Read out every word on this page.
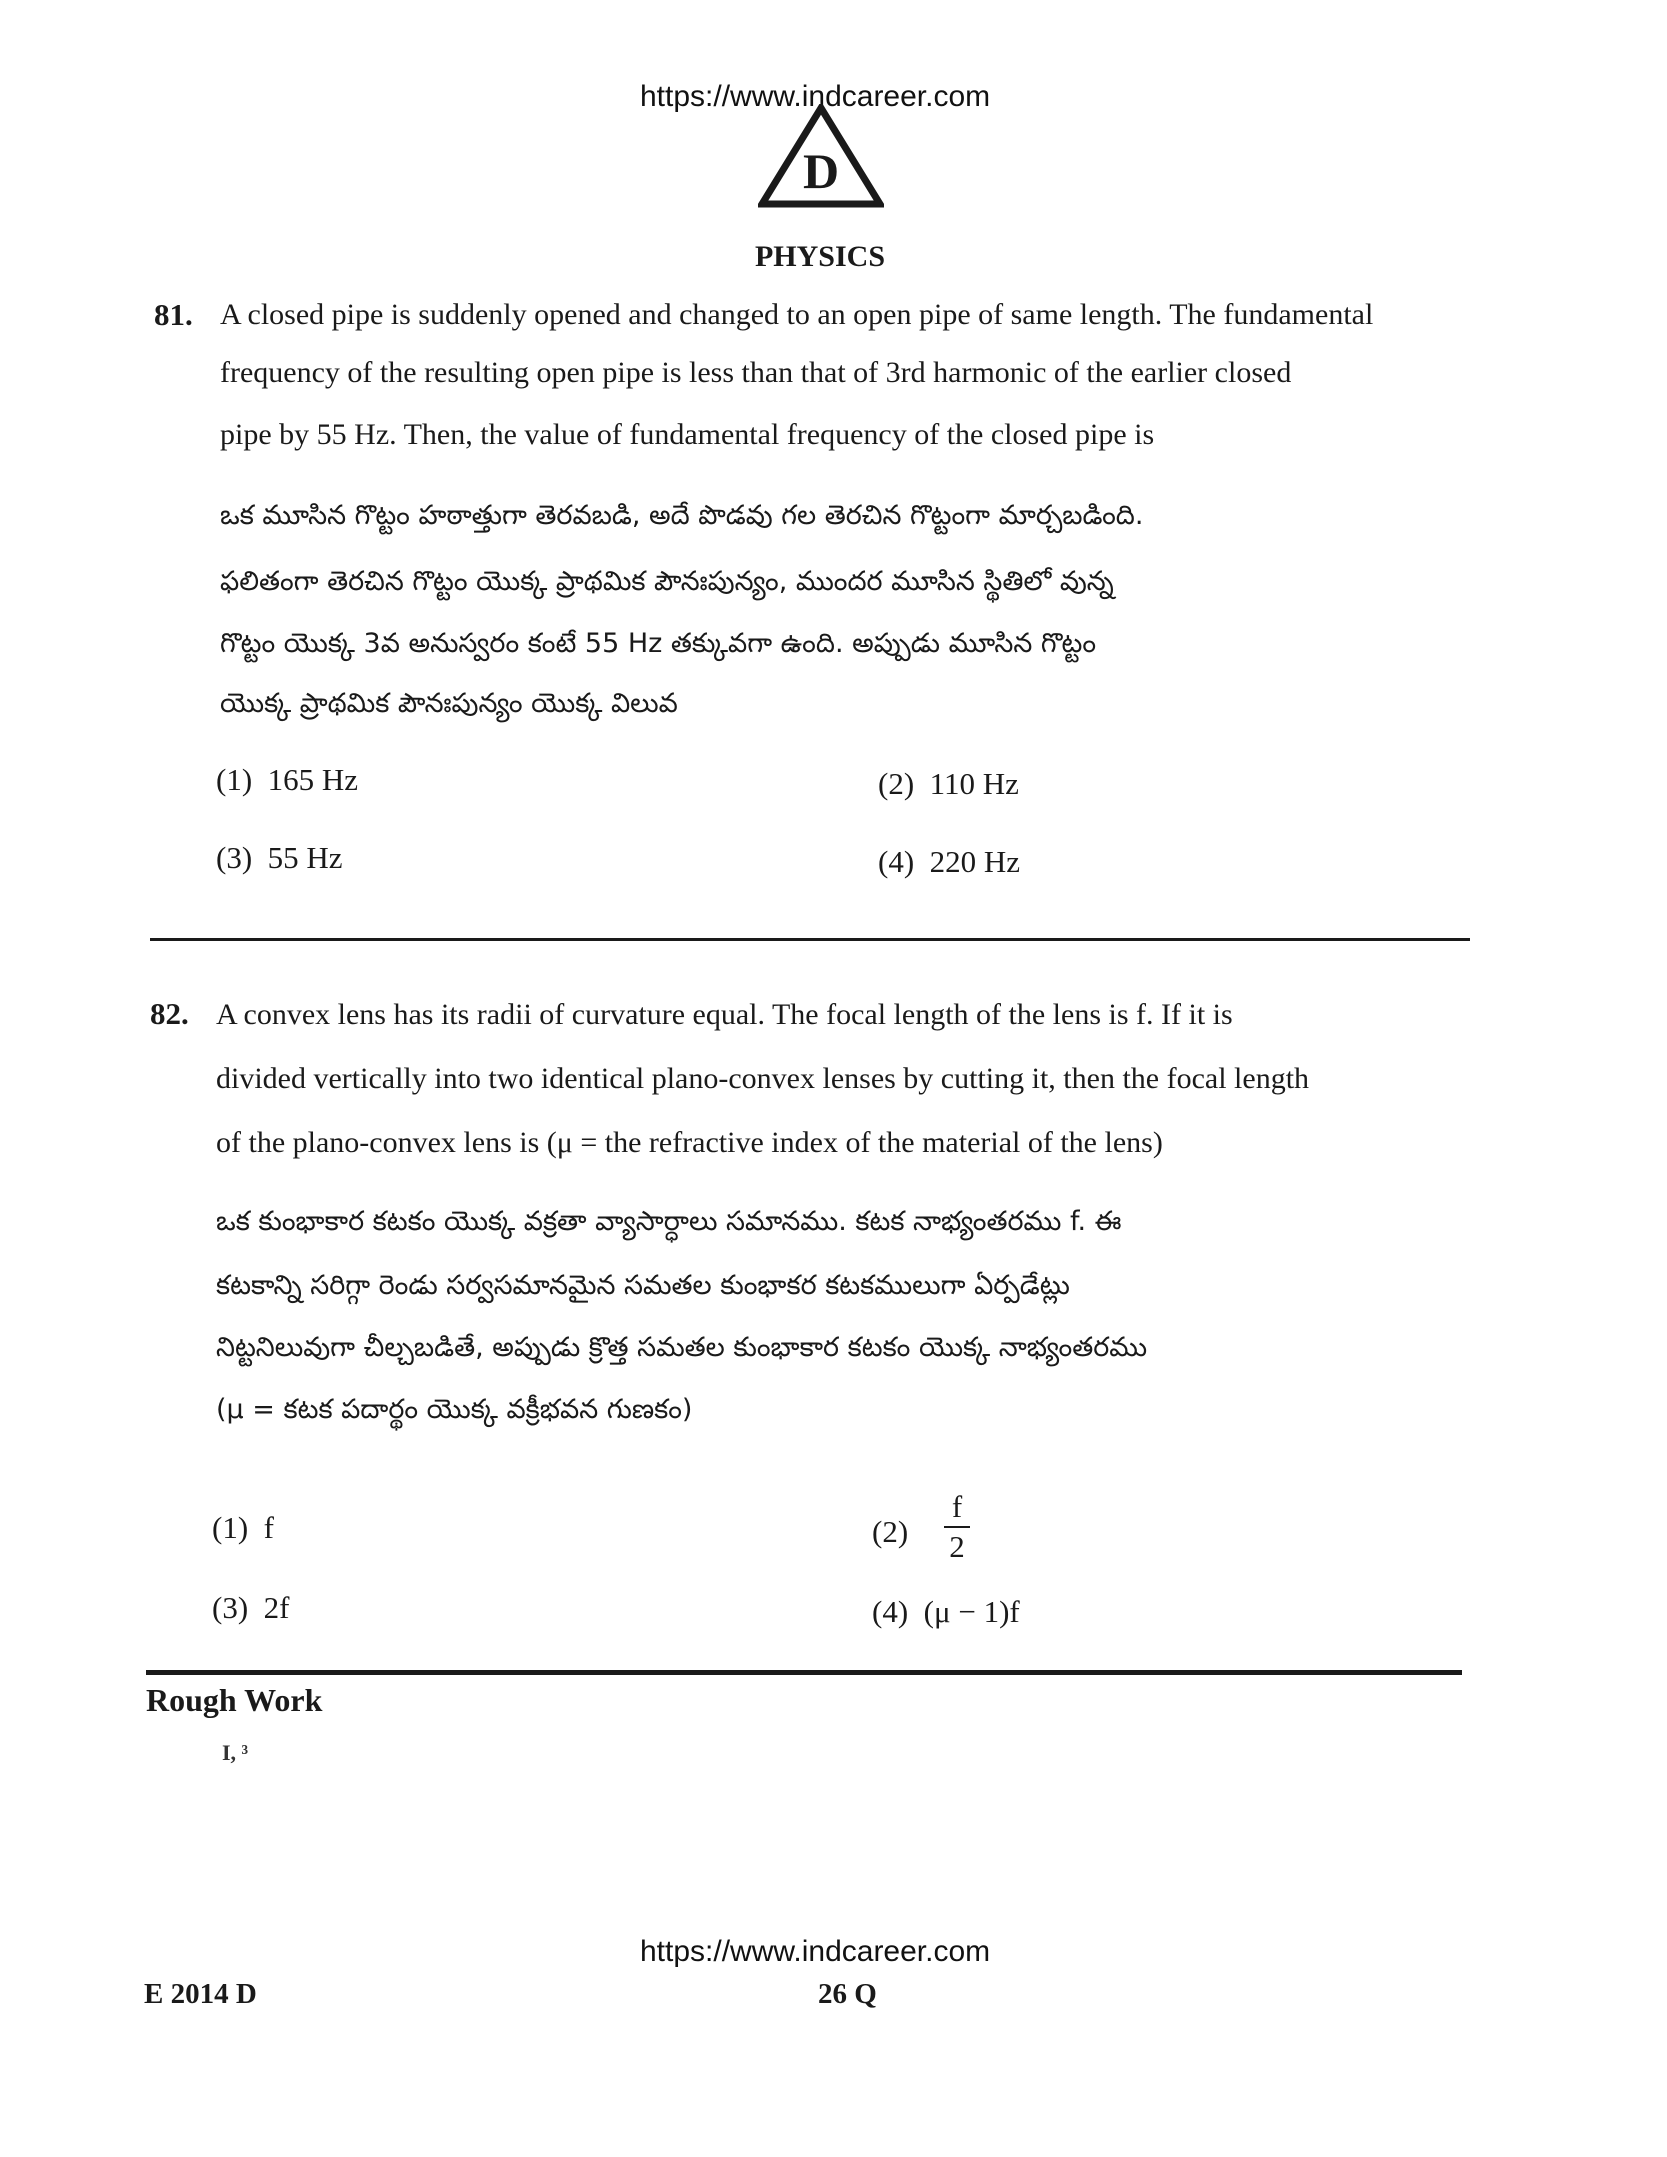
https://www.indcareer.com
D
PHYSICS
81. A closed pipe is suddenly opened and changed to an open pipe of same length. The fundamental
frequency of the resulting open pipe is less than that of 3rd harmonic of the earlier closed
pipe by 55 Hz. Then, the value of fundamental frequency of the closed pipe is
ఒక మూసిన గొట్టం హఠాత్తుగా తెరవబడి, అదే పొడవు గల తెరచిన గొట్టంగా మార్చబడింది.
ఫలితంగా తెరచిన గొట్టం యొక్క ప్రాథమిక పౌనఃపున్యం, ముందర మూసిన స్థితిలో వున్న
గొట్టం యొక్క 3వ అనుస్వరం కంటే 55 Hz తక్కువగా ఉంది. అప్పుడు మూసిన గొట్టం
యొక్క ప్రాథమిక పౌనఃపున్యం యొక్క విలువ
(1) 165 Hz	(2) 110 Hz
(3) 55 Hz	(4) 220 Hz
82. A convex lens has its radii of curvature equal. The focal length of the lens is f. If it is
divided vertically into two identical plano-convex lenses by cutting it, then the focal length
of the plano-convex lens is (μ = the refractive index of the material of the lens)
ఒక కుంభాకార కటకం యొక్క వక్రతా వ్యాసార్ధాలు సమానము. కటక నాభ్యంతరము f. ఈ
కటకాన్ని సరిగ్గా రెండు సర్వసమానమైన సమతల కుంభాకర కటకములుగా ఏర్పడేట్లు
నిట్టనిలువుగా చీల్చబడితే, అప్పుడు క్రొత్త సమతల కుంభాకార కటకం యొక్క నాభ్యంతరము
(μ = కటక పదార్థం యొక్క వక్రీభవన గుణకం)
(1) f	(2)
f
2
(3) 2f	(4) (μ − 1)f
Rough Work
I, ³
https://www.indcareer.com
E 2014 D	26 Q
